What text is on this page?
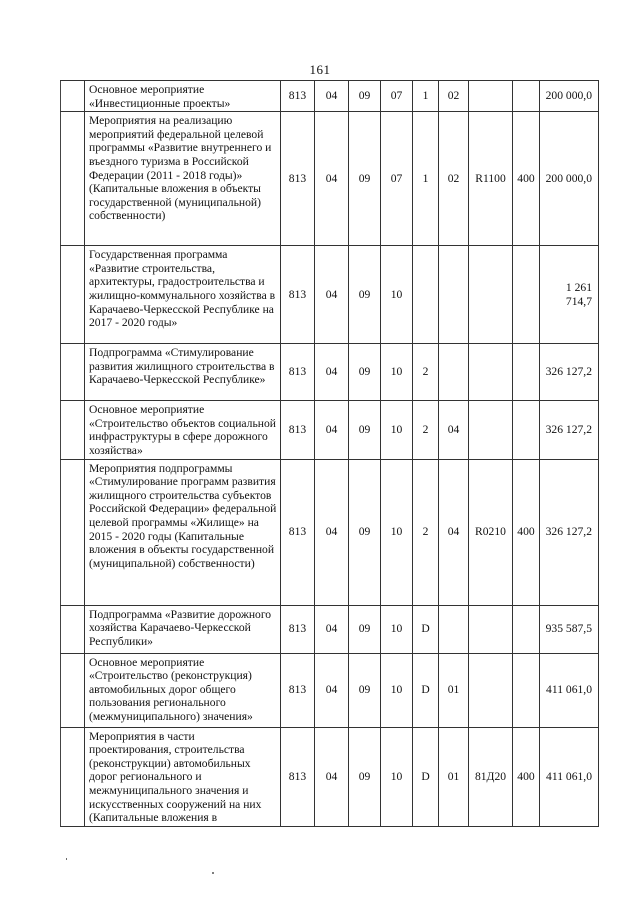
161
	Основное мероприятие «Инвестиционные проекты»	813	04	09	07	1	02			200 000,0
	Мероприятия на реализацию мероприятий федеральной целевой программы «Развитие внутреннего и въездного туризма в Российской Федерации (2011 - 2018 годы)» (Капитальные вложения в объекты государственной (муниципальной) собственности)	813	04	09	07	1	02	R1100	400	200 000,0
	Государственная программа «Развитие строительства, архитектуры, градостроительства и жилищно-коммунального хозяйства в Карачаево-Черкесской Республике на 2017 - 2020 годы»	813	04	09	10					1 261 714,7
	Подпрограмма «Стимулирование развития жилищного строительства в Карачаево-Черкесской Республике»	813	04	09	10	2				326 127,2
	Основное мероприятие «Строительство объектов социальной инфраструктуры в сфере дорожного хозяйства»	813	04	09	10	2	04			326 127,2
	Мероприятия подпрограммы «Стимулирование программ развития жилищного строительства субъектов Российской Федерации» федеральной целевой программы «Жилище» на 2015 - 2020 годы (Капитальные вложения в объекты государственной (муниципальной) собственности)	813	04	09	10	2	04	R0210	400	326 127,2
	Подпрограмма «Развитие дорожного хозяйства Карачаево-Черкесской Республики»	813	04	09	10	D				935 587,5
	Основное мероприятие «Строительство (реконструкция) автомобильных дорог общего пользования регионального (межмуниципального) значения»	813	04	09	10	D	01			411 061,0
	Мероприятия в части проектирования, строительства (реконструкции) автомобильных дорог регионального и межмуниципального значения и искусственных сооружений на них (Капитальные вложения в	813	04	09	10	D	01	81Д20	400	411 061,0
